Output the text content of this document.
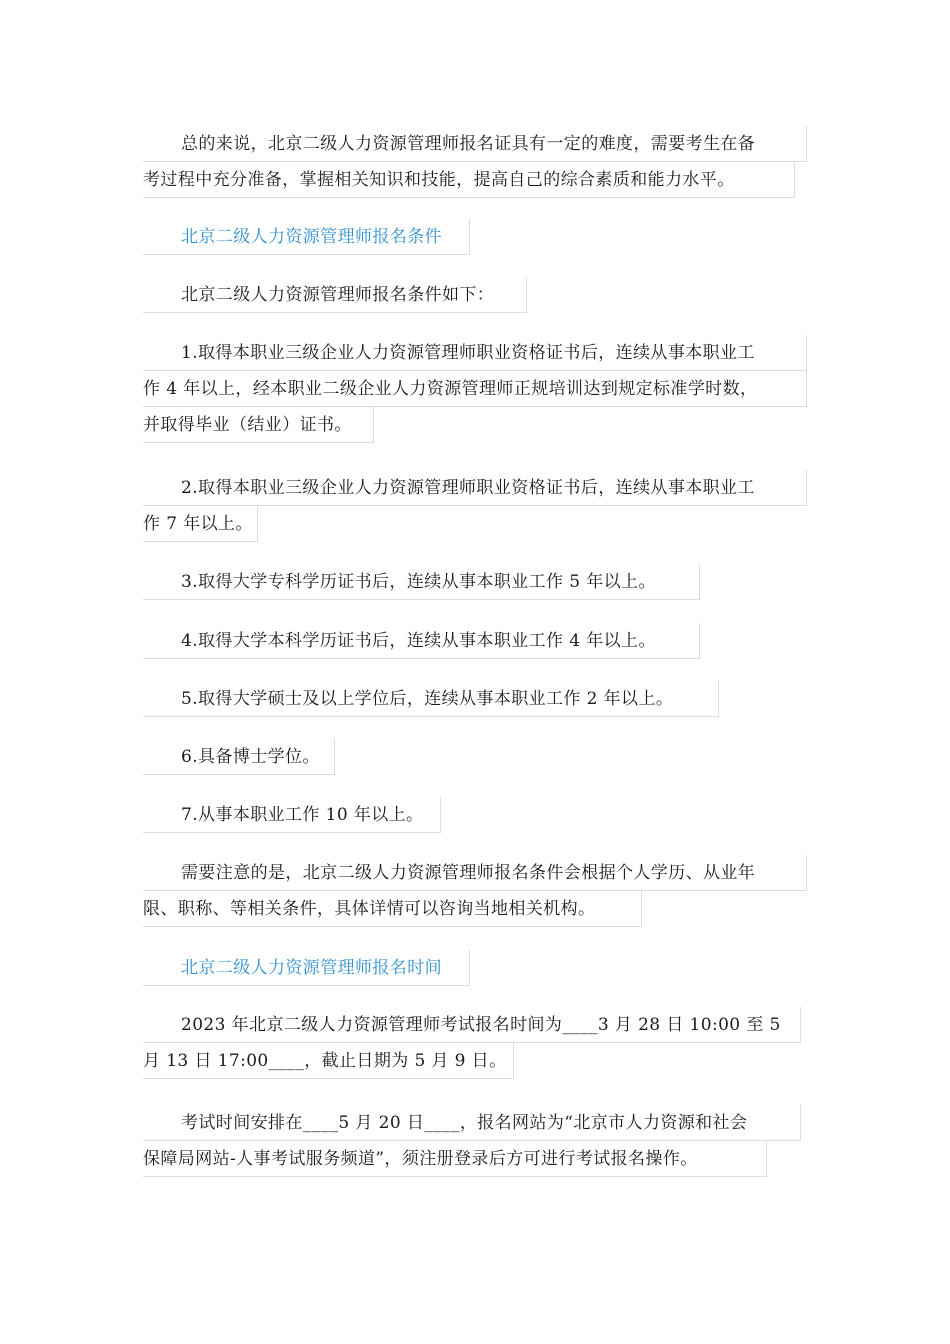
总的来说，北京二级人力资源管理师报名证具有一定的难度，需要考生在备
考过程中充分准备，掌握相关知识和技能，提高自己的综合素质和能力水平。
北京二级人力资源管理师报名条件
北京二级人力资源管理师报名条件如下：
1.取得本职业三级企业人力资源管理师职业资格证书后，连续从事本职业工
作 4 年以上，经本职业二级企业人力资源管理师正规培训达到规定标准学时数，
并取得毕业（结业）证书。
2.取得本职业三级企业人力资源管理师职业资格证书后，连续从事本职业工
作 7 年以上。
3.取得大学专科学历证书后，连续从事本职业工作 5 年以上。
4.取得大学本科学历证书后，连续从事本职业工作 4 年以上。
5.取得大学硕士及以上学位后，连续从事本职业工作 2 年以上。
6.具备博士学位。
7.从事本职业工作 10 年以上。
需要注意的是，北京二级人力资源管理师报名条件会根据个人学历、从业年
限、职称、等相关条件，具体详情可以咨询当地相关机构。
北京二级人力资源管理师报名时间
2023 年北京二级人力资源管理师考试报名时间为____3 月 28 日 10:00 至 5
月 13 日 17:00____，截止日期为 5 月 9 日。
考试时间安排在____5 月 20 日____，报名网站为“北京市人力资源和社会
保障局网站-人事考试服务频道”，须注册登录后方可进行考试报名操作。
